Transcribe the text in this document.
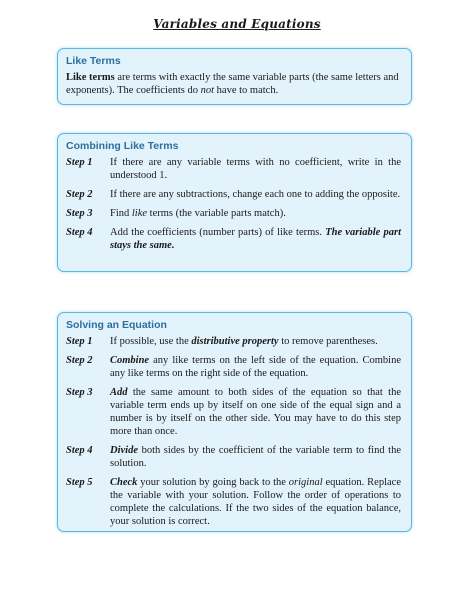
Variables and Equations
Like Terms
Like terms are terms with exactly the same variable parts (the same letters and exponents). The coefficients do not have to match.
Combining Like Terms
Step 1	If there are any variable terms with no coefficient, write in the understood 1.
Step 2	If there are any subtractions, change each one to adding the opposite.
Step 3	Find like terms (the variable parts match).
Step 4	Add the coefficients (number parts) of like terms. The variable part stays the same.
Solving an Equation
Step 1	If possible, use the distributive property to remove parentheses.
Step 2	Combine any like terms on the left side of the equation. Combine any like terms on the right side of the equation.
Step 3	Add the same amount to both sides of the equation so that the variable term ends up by itself on one side of the equal sign and a number is by itself on the other side. You may have to do this step more than once.
Step 4	Divide both sides by the coefficient of the variable term to find the solution.
Step 5	Check your solution by going back to the original equation. Replace the variable with your solution. Follow the order of operations to complete the calculations. If the two sides of the equation balance, your solution is correct.
